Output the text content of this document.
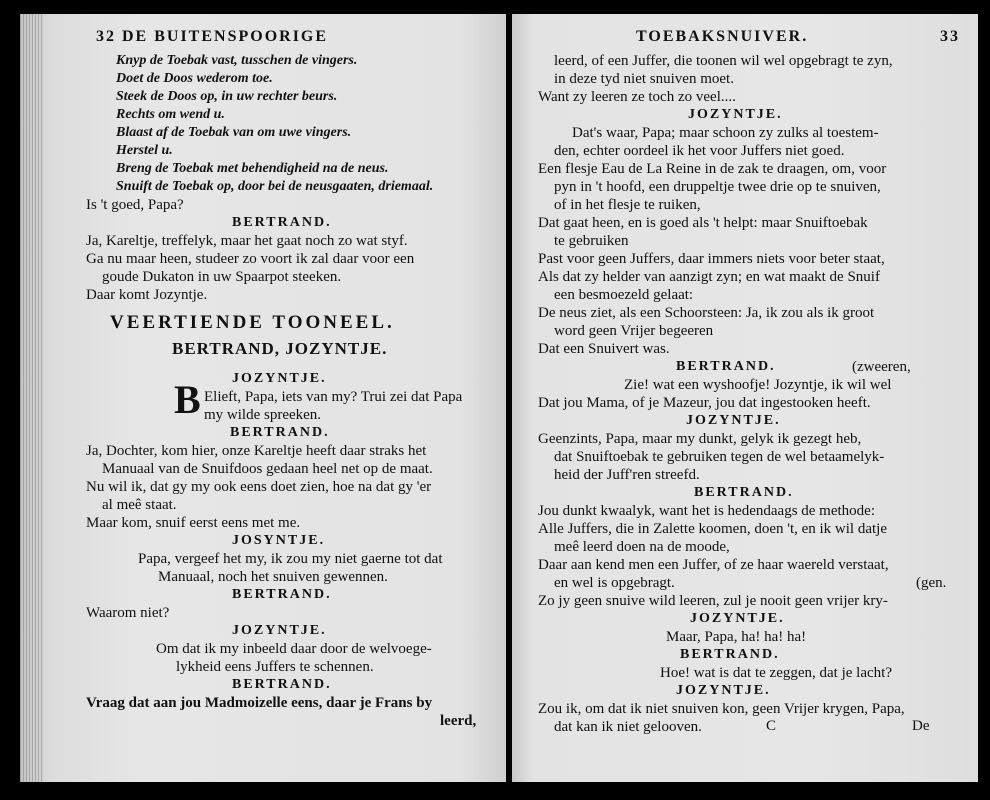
32 DE BUITENSPOORIGE
Knyp de Toebak vast, tusschen de vingers.
Doet de Doos wederom toe.
Steek de Doos op, in uw rechter beurs.
Rechts om wend u.
Blaast af de Toebak van om uwe vingers.
Herstel u.
Breng de Toebak met behendigheid na de neus.
Snuift de Toebak op, door bei de neusgaaten, driemaal.
Is 't goed, Papa?
BERTRAND.
Ja, Kareltje, treffelyk, maar het gaat noch zo wat styf.
Ga nu maar heen, studeer zo voort ik zal daar voor een
goude Dukaton in uw Spaarpot steeken.
Daar komt Jozyntje.
VEERTIENDE TOONEEL.
BERTRAND, JOZYNTJE.
JOZYNTJE.
B Elieft, Papa, iets van my? Trui zei dat Papa
my wilde spreeken.
BERTRAND.
Ja, Dochter, kom hier, onze Kareltje heeft daar straks het
Manuaal van de Snuifdoos gedaan heel net op de maat.
Nu wil ik, dat gy my ook eens doet zien, hoe na dat gy 'er
al meê staat.
Maar kom, snuif eerst eens met me.
JOSYNTJE.
Papa, vergeef het my, ik zou my niet gaerne tot dat
Manuaal, noch het snuiven gewennen.
BERTRAND.
Waarom niet?
JOZYNTJE.
Om dat ik my inbeeld daar door de welvoege-
lykheid eens Juffers te schennen.
BERTRAND.
Vraag dat aan jou Madmoizelle eens, daar je Frans by
leerd,
TOEBAKSNUIVER.	33
leerd, of een Juffer, die toonen wil wel opgebragt te zyn,
in deze tyd niet snuiven moet.
Want zy leeren ze toch zo veel....
JOZYNTJE.
Dat's waar, Papa; maar schoon zy zulks al toestem-
den, echter oordeel ik het voor Juffers niet goed.
Een flesje Eau de La Reine in de zak te draagen, om, voor
pyn in 't hoofd, een druppeltje twee drie op te snuiven,
of in het flesje te ruiken,
Dat gaat heen, en is goed als 't helpt: maar Snuiftoebak
te gebruiken
Past voor geen Juffers, daar immers niets voor beter staat,
Als dat zy helder van aanzigt zyn; en wat maakt de Snuif
een besmoezeld gelaat:
De neus ziet, als een Schoorsteen: Ja, ik zou als ik groot
word geen Vrijer begeeren
Dat een Snuivert was.
BERTRAND.	(zweeren,
Zie! wat een wyshoofje! Jozyntje, ik wil wel
Dat jou Mama, of je Mazeur, jou dat ingestooken heeft.
JOZYNTJE.
Geenzints, Papa, maar my dunkt, gelyk ik gezegt heb,
dat Snuiftoebak te gebruiken tegen de wel betaamelyk-
heid der Juff'ren streefd.
BERTRAND.
Jou dunkt kwaalyk, want het is hedendaags de methode:
Alle Juffers, die in Zalette koomen, doen 't, en ik wil datje
meê leerd doen na de moode,
Daar aan kend men een Juffer, of ze haar waereld verstaat,
en wel is opgebragt.	(gen.
Zo jy geen snuive wild leeren, zul je nooit geen vrijer kry-
JOZYNTJE.
Maar, Papa, ha! ha! ha!
BERTRAND.
Hoe! wat is dat te zeggen, dat je lacht?
JOZYNTJE.
Zou ik, om dat ik niet snuiven kon, geen Vrijer krygen, Papa,
dat kan ik niet gelooven.	C	De
